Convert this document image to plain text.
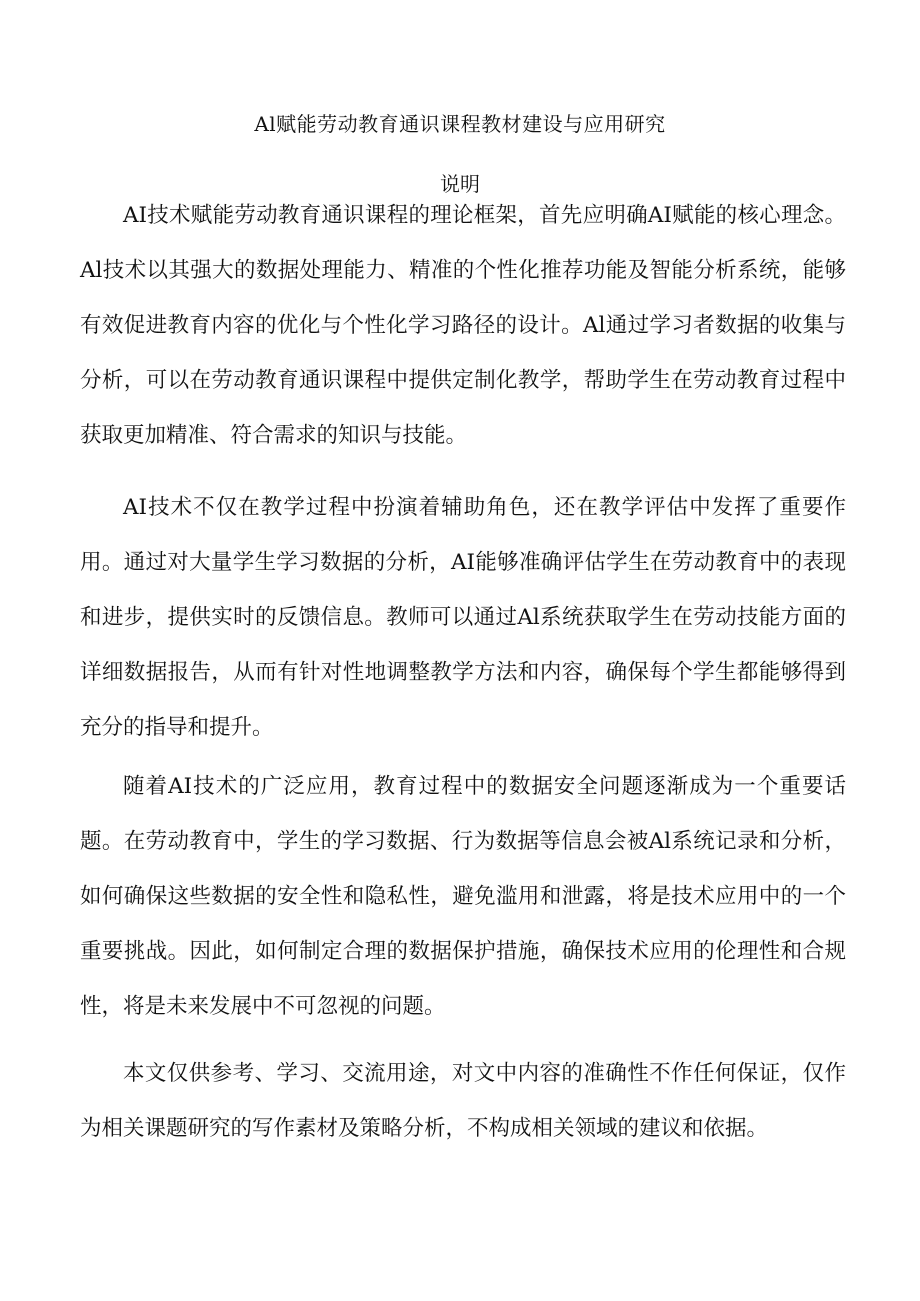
Al赋能劳动教育通识课程教材建设与应用研究
说明

AI技术赋能劳动教育通识课程的理论框架，首先应明确AI赋能的核心理念。Al技术以其强大的数据处理能力、精准的个性化推荐功能及智能分析系统，能够有效促进教育内容的优化与个性化学习路径的设计。Al通过学习者数据的收集与分析，可以在劳动教育通识课程中提供定制化教学，帮助学生在劳动教育过程中获取更加精准、符合需求的知识与技能。

AI技术不仅在教学过程中扮演着辅助角色，还在教学评估中发挥了重要作用。通过对大量学生学习数据的分析，AI能够准确评估学生在劳动教育中的表现和进步，提供实时的反馈信息。教师可以通过Al系统获取学生在劳动技能方面的详细数据报告，从而有针对性地调整教学方法和内容，确保每个学生都能够得到充分的指导和提升。

随着AI技术的广泛应用，教育过程中的数据安全问题逐渐成为一个重要话题。在劳动教育中，学生的学习数据、行为数据等信息会被Al系统记录和分析，如何确保这些数据的安全性和隐私性，避免滥用和泄露，将是技术应用中的一个重要挑战。因此，如何制定合理的数据保护措施，确保技术应用的伦理性和合规性，将是未来发展中不可忽视的问题。

本文仅供参考、学习、交流用途，对文中内容的准确性不作任何保证，仅作为相关课题研究的写作素材及策略分析，不构成相关领域的建议和依据。
